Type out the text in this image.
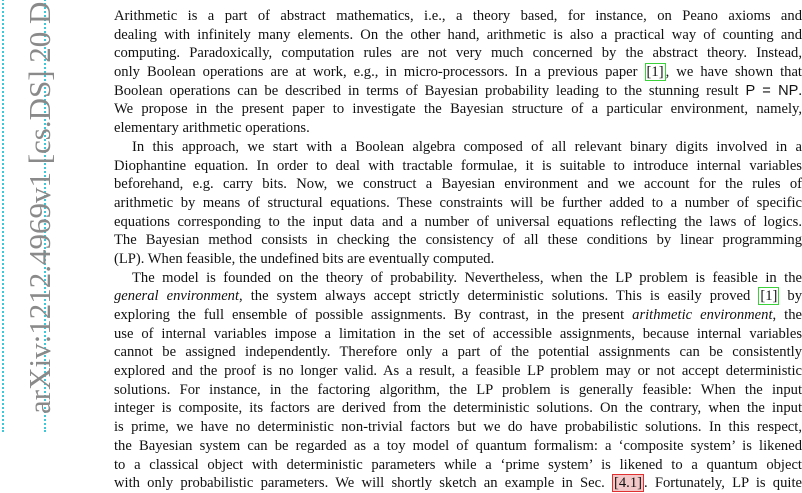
arXiv:1212.4969v1 [cs.DS] 20 D	Arithmetic is a part of abstract mathematics, i.e., a theory based, for instance, on Peano axioms and
dealing with infinitely many elements. On the other hand, arithmetic is also a practical way of counting and
computing. Paradoxically, computation rules are not very much concerned by the abstract theory. Instead,
only Boolean operations are at work, e.g., in micro-processors. In a previous paper [1] , we have shown that
Boolean operations can be described in terms of Bayesian probability leading to the stunning result P = NP.
We propose in the present paper to investigate the Bayesian structure of a particular environment, namely,
elementary arithmetic operations.
In this approach, we start with a Boolean algebra composed of all relevant binary digits involved in a
Diophantine equation. In order to deal with tractable formulae, it is suitable to introduce internal variables
beforehand, e.g. carry bits. Now, we construct a Bayesian environment and we account for the rules of
arithmetic by means of structural equations. These constraints will be further added to a number of specific
equations corresponding to the input data and a number of universal equations reflecting the laws of logics.
The Bayesian method consists in checking the consistency of all these conditions by linear programming
(LP). When feasible, the undefined bits are eventually computed.
The model is founded on the theory of probability. Nevertheless, when the LP problem is feasible in the
general environment, the system always accept strictly deterministic solutions. This is easily proved [1] by
exploring the full ensemble of possible assignments. By contrast, in the present arithmetic environment, the
use of internal variables impose a limitation in the set of accessible assignments, because internal variables
cannot be assigned independently. Therefore only a part of the potential assignments can be consistently
explored and the proof is no longer valid. As a result, a feasible LP problem may or not accept deterministic
solutions. For instance, in the factoring algorithm, the LP problem is generally feasible: When the input
integer is composite, its factors are derived from the deterministic solutions. On the contrary, when the input
is prime, we have no deterministic non-trivial factors but we do have probabilistic solutions. In this respect,
the Bayesian system can be regarded as a toy model of quantum formalism: a ‘composite system’ is likened
to a classical object with deterministic parameters while a ‘prime system’ is likened to a quantum object
with only probabilistic parameters. We will shortly sketch an example in Sec. [4.1] . Fortunately, LP is quite
